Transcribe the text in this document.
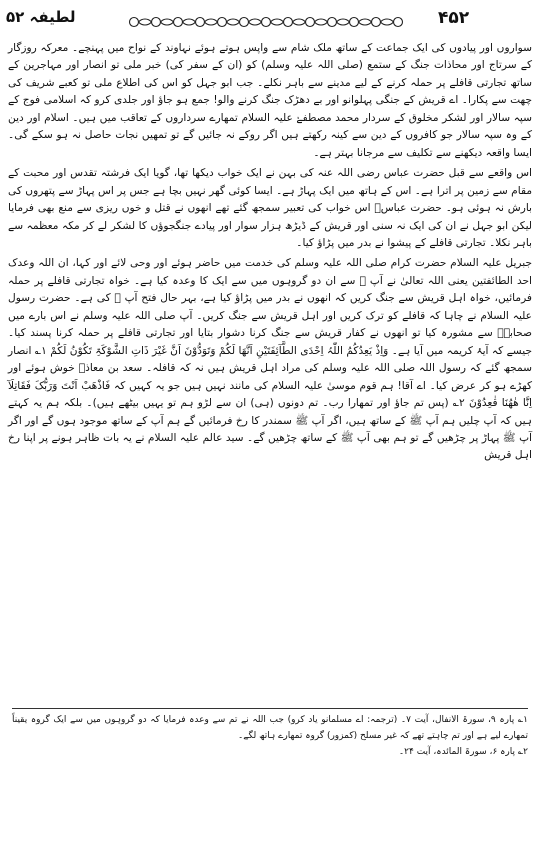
لطیفہ ۵۲	۴۵۲

سواروں اور پیادوں کی ایک جماعت کے ساتھ ملک شام سے واپس ہوتے ہوئے نہاوند کے نواح میں پہنچے۔ معرکہ روزگار کے سرتاج اور محاذات جنگ کے ستمع (صلی اللہ علیہ وسلم) کو (ان کے سفر کی) خبر ملی تو انصار اور مہاجرین کے ساتھ تجارتی قافلے پر حملہ کرنے کے لیے مدینے سے باہر نکلے۔ جب ابو جہل کو اس کی اطلاع ملی تو کعبے شریف کی چھت سے پکارا۔ اے قریش کے جنگی پہلوانو اور بے دھڑک جنگ کرنے والو! جمع ہو جاؤ اور جلدی کرو کہ اسلامی فوج کے سپہ سالار اور لشکر مخلوق کے سردار محمد مصطفےٰ علیہ السلام تمھارے سرداروں کے تعاقب میں ہیں۔ اسلام اور دین کے وہ سپہ سالار جو کافروں کے دین سے کینہ رکھتے ہیں اگر روکے نہ جائیں گے تو تمھیں نجات حاصل نہ ہو سکے گی۔ ایسا واقعہ دیکھنے سے تکلیف سے مرجانا بہتر ہے۔

اس واقعے سے قبل حضرت عباس رضی اللہ عنہ کی بہن نے ایک خواب دیکھا تھا، گویا ایک فرشتہ تقدس اور محبت کے مقام سے زمین پر اترا ہے۔ اس کے ہاتھ میں ایک پہاڑ ہے۔ ایسا کوئی گھر نہیں بچا ہے جس پر اس پہاڑ سے پتھروں کی بارش نہ ہوئی ہو۔ حضرت عباسؓ اس خواب کی تعبیر سمجھ گئے تھے انھوں نے قتل و خوں ریزی سے منع بھی فرمایا لیکن ابو جہل نے ان کی ایک نہ سنی اور قریش کے ڈیڑھ ہزار سوار اور پیادے جنگجوؤں کا لشکر لے کر مکہ معظمہ سے باہر نکلا۔ تجارتی قافلے کے پیشوا نے بدر میں پڑاؤ کیا۔

جبریل علیہ السلام حضرت کرام صلی اللہ علیہ وسلم کی خدمت میں حاضر ہوئے اور وحی لائے اور کہا، ان اللہ وعدک احد الطائفتین یعنی اللہ تعالیٰ نے آپ ﷺ سے ان دو گروہوں میں سے ایک کا وعدہ کیا ہے۔ خواہ تجارتی قافلے پر حملہ فرمائیں، خواہ اہل قریش سے جنگ کریں کہ انھوں نے بدر میں پڑاؤ کیا ہے، بہر حال فتح آپ ﷺ کی ہے۔ حضرت رسول علیہ السلام نے چاہا کہ قافلے کو ترک کریں اور اہل قریش سے جنگ کریں۔ آپ صلی اللہ علیہ وسلم نے اس بارے میں صحابہؓ سے مشورہ کیا تو انھوں نے کفار قریش سے جنگ کرنا دشوار بتایا اور تجارتی قافلے پر حملہ کرنا پسند کیا۔ جیسے کہ آیۂ کریمہ میں آیا ہے۔ وَاِذْ یَعِدُکُمُ اللّٰہُ اِحْدَی الطَّآئِفَتَیْنِ اَنَّھَا لَکُمْ وَتَوَدُّوْنَ اَنَّ غَیْرَ ذَاتِ الشَّوْکَۃِ تَکُوْنُ لَکُمْ ۱؎ انصار سمجھ گئے کہ رسول اللہ صلی اللہ علیہ وسلم کی مراد اہل قریش ہیں نہ کہ قافلہ۔ سعد بن معاذؓ خوش ہوئے اور کھڑے ہو کر عرض کیا۔ اے آقا! ہم قوم موسیٰ علیہ السلام کی مانند نہیں ہیں جو یہ کہیں کہ فَاذْھَبْ اَنْتَ وَرَبُّکَ فَقَاتِلَآ اِنَّا ھٰھُنَا قٰعِدُوْنَ ۲؎ (پس تم جاؤ اور تمھارا رب۔ تم دونوں (ہی) ان سے لڑو ہم تو یہیں بیٹھے ہیں)۔ بلکہ ہم یہ کہتے ہیں کہ آپ چلیں ہم آپ ﷺ کے ساتھ ہیں، اگر آپ ﷺ سمندر کا رخ فرمائیں گے ہم آپ کے ساتھ موجود ہوں گے اور اگر آپ ﷺ پہاڑ پر چڑھیں گے تو ہم بھی آپ ﷺ کے ساتھ چڑھیں گے۔ سید عالم علیہ السلام نے یہ بات ظاہر ہونے پر اپنا رخ اہل قریش

۱؎ پارہ ۹، سورۃ الانفال، آیت ۷۔ (ترجمہ: اے مسلمانو یاد کرو) جب اللہ نے تم سے وعدہ فرمایا کہ دو گروہوں میں سے ایک گروہ یقیناً تمھارے لیے ہے اور تم چاہتے تھے کہ غیر مسلح (کمزور) گروہ تمھارے ہاتھ لگے۔

۲؎ پارہ ۶، سورۃ المائدہ، آیت ۲۴۔
